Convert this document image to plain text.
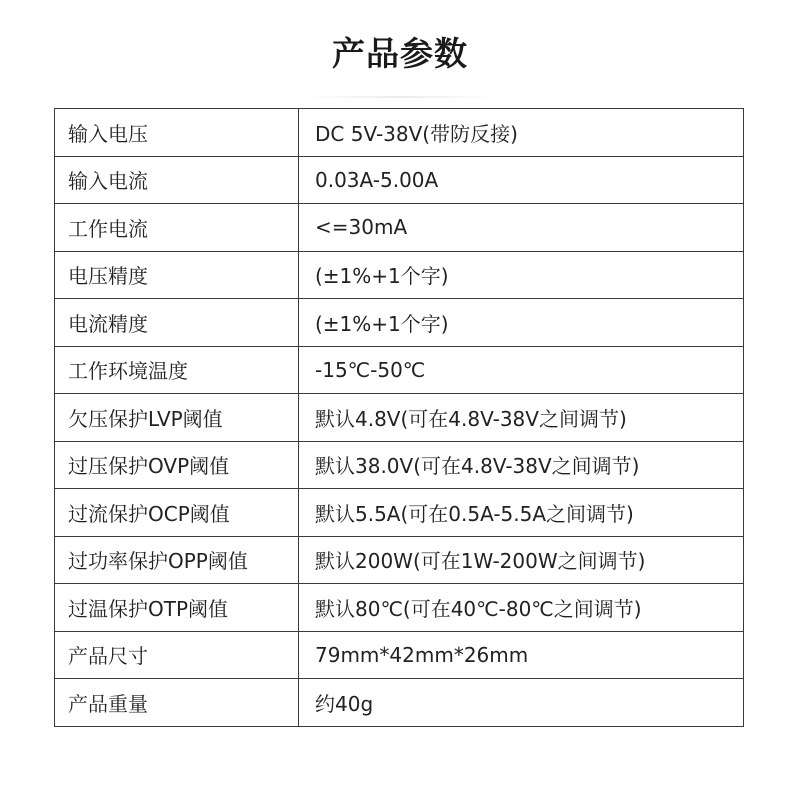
产品参数
输入电压	DC 5V-38V(带防反接)
输入电流	0.03A-5.00A
工作电流	<=30mA
电压精度	(±1%+1个字)
电流精度	(±1%+1个字)
工作环境温度	-15℃-50℃
欠压保护LVP阈值	默认4.8V(可在4.8V-38V之间调节)
过压保护OVP阈值	默认38.0V(可在4.8V-38V之间调节)
过流保护OCP阈值	默认5.5A(可在0.5A-5.5A之间调节)
过功率保护OPP阈值	默认200W(可在1W-200W之间调节)
过温保护OTP阈值	默认80℃(可在40℃-80℃之间调节)
产品尺寸	79mm*42mm*26mm
产品重量	约40g
